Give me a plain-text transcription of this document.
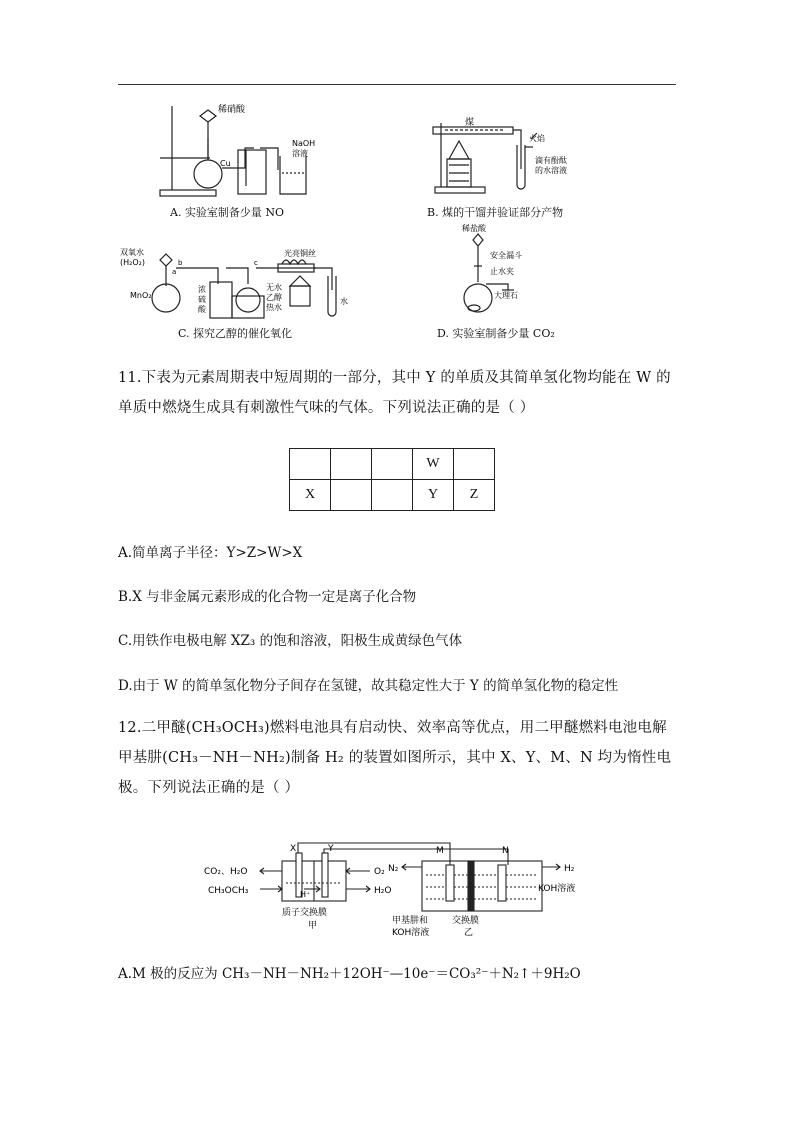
稀硝酸
Cu
NaOH
溶液
A. 实验室制备少量 NO
煤
火焰
滴有酚酞
的水溶液
B. 煤的干馏并验证部分产物
双氧水
(H₂O₂)
MnO₂
a
b	c
光亮铜丝
浓
硫
酸
无水
乙醇
热水
水
C. 探究乙醇的催化氧化
稀盐酸
安全漏斗
止水夹
大理石
D. 实验室制备少量 CO₂
11.下表为元素周期表中短周期的一部分，其中 Y 的单质及其简单氢化物均能在 W 的单质中燃烧生成具有刺激性气味的气体。下列说法正确的是（ ）
			W	
X			Y	Z
A.简单离子半径：Y>Z>W>X
B.X 与非金属元素形成的化合物一定是离子化合物
C.用铁作电极电解 XZ₃ 的饱和溶液，阳极生成黄绿色气体
D.由于 W 的简单氢化物分子间存在氢键，故其稳定性大于 Y 的简单氢化物的稳定性
12.二甲醚(CH₃OCH₃)燃料电池具有启动快、效率高等优点，用二甲醚燃料电池电解甲基肼(CH₃－NH－NH₂)制备 H₂ 的装置如图所示，其中 X、Y、M、N 均为惰性电极。下列说法正确的是（ ）
X	Y	M	N
CO₂、H₂O
CH₃OCH₃
O₂
H₂O
H⁺
质子交换膜
甲
N₂	H₂
KOH溶液
甲基肼和
KOH溶液
交换膜
乙
A.M 极的反应为 CH₃－NH－NH₂＋12OH⁻—10e⁻＝CO₃²⁻＋N₂↑＋9H₂O
